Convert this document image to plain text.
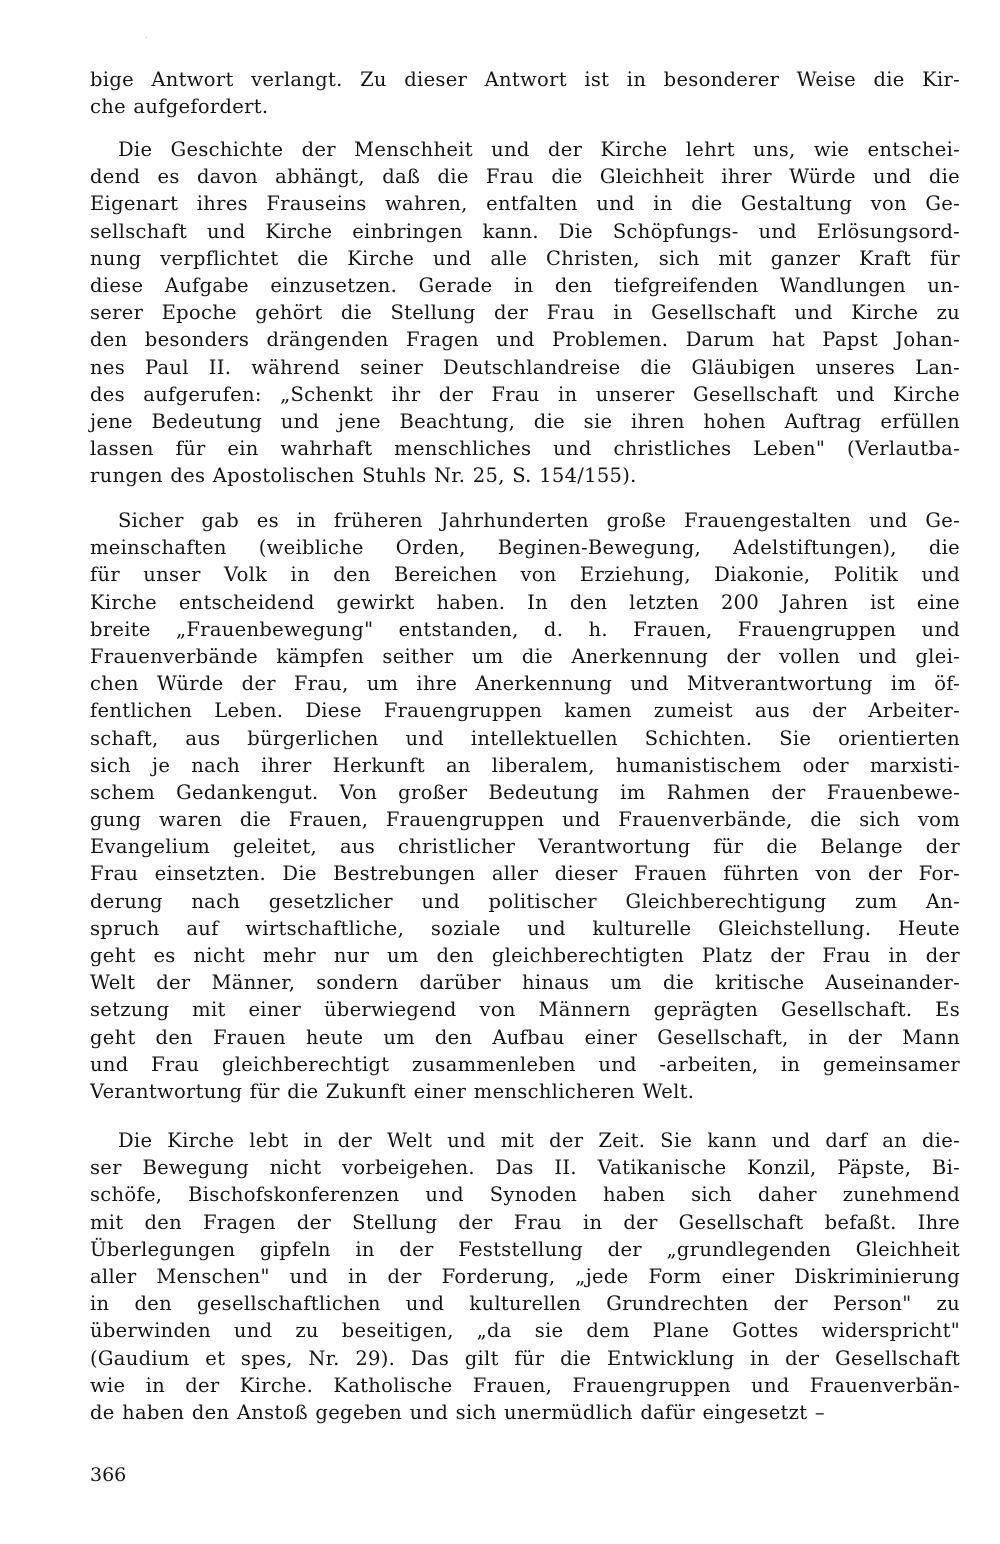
bige Antwort verlangt. Zu dieser Antwort ist in besonderer Weise die Kir-
che aufgefordert.
Die Geschichte der Menschheit und der Kirche lehrt uns, wie entschei-
dend es davon abhängt, daß die Frau die Gleichheit ihrer Würde und die
Eigenart ihres Frauseins wahren, entfalten und in die Gestaltung von Ge-
sellschaft und Kirche einbringen kann. Die Schöpfungs- und Erlösungsord-
nung verpflichtet die Kirche und alle Christen, sich mit ganzer Kraft für
diese Aufgabe einzusetzen. Gerade in den tiefgreifenden Wandlungen un-
serer Epoche gehört die Stellung der Frau in Gesellschaft und Kirche zu
den besonders drängenden Fragen und Problemen. Darum hat Papst Johan-
nes Paul II. während seiner Deutschlandreise die Gläubigen unseres Lan-
des aufgerufen: „Schenkt ihr der Frau in unserer Gesellschaft und Kirche
jene Bedeutung und jene Beachtung, die sie ihren hohen Auftrag erfüllen
lassen für ein wahrhaft menschliches und christliches Leben" (Verlautba-
rungen des Apostolischen Stuhls Nr. 25, S. 154/155).
Sicher gab es in früheren Jahrhunderten große Frauengestalten und Ge-
meinschaften (weibliche Orden, Beginen-Bewegung, Adelstiftungen), die
für unser Volk in den Bereichen von Erziehung, Diakonie, Politik und
Kirche entscheidend gewirkt haben. In den letzten 200 Jahren ist eine
breite „Frauenbewegung" entstanden, d. h. Frauen, Frauengruppen und
Frauenverbände kämpfen seither um die Anerkennung der vollen und glei-
chen Würde der Frau, um ihre Anerkennung und Mitverantwortung im öf-
fentlichen Leben. Diese Frauengruppen kamen zumeist aus der Arbeiter-
schaft, aus bürgerlichen und intellektuellen Schichten. Sie orientierten
sich je nach ihrer Herkunft an liberalem, humanistischem oder marxisti-
schem Gedankengut. Von großer Bedeutung im Rahmen der Frauenbewe-
gung waren die Frauen, Frauengruppen und Frauenverbände, die sich vom
Evangelium geleitet, aus christlicher Verantwortung für die Belange der
Frau einsetzten. Die Bestrebungen aller dieser Frauen führten von der For-
derung nach gesetzlicher und politischer Gleichberechtigung zum An-
spruch auf wirtschaftliche, soziale und kulturelle Gleichstellung. Heute
geht es nicht mehr nur um den gleichberechtigten Platz der Frau in der
Welt der Männer, sondern darüber hinaus um die kritische Auseinander-
setzung mit einer überwiegend von Männern geprägten Gesellschaft. Es
geht den Frauen heute um den Aufbau einer Gesellschaft, in der Mann
und Frau gleichberechtigt zusammenleben und -arbeiten, in gemeinsamer
Verantwortung für die Zukunft einer menschlicheren Welt.
Die Kirche lebt in der Welt und mit der Zeit. Sie kann und darf an die-
ser Bewegung nicht vorbeigehen. Das II. Vatikanische Konzil, Päpste, Bi-
schöfe, Bischofskonferenzen und Synoden haben sich daher zunehmend
mit den Fragen der Stellung der Frau in der Gesellschaft befaßt. Ihre
Überlegungen gipfeln in der Feststellung der „grundlegenden Gleichheit
aller Menschen" und in der Forderung, „jede Form einer Diskriminierung
in den gesellschaftlichen und kulturellen Grundrechten der Person" zu
überwinden und zu beseitigen, „da sie dem Plane Gottes widerspricht"
(Gaudium et spes, Nr. 29). Das gilt für die Entwicklung in der Gesellschaft
wie in der Kirche. Katholische Frauen, Frauengruppen und Frauenverbän-
de haben den Anstoß gegeben und sich unermüdlich dafür eingesetzt –
366
